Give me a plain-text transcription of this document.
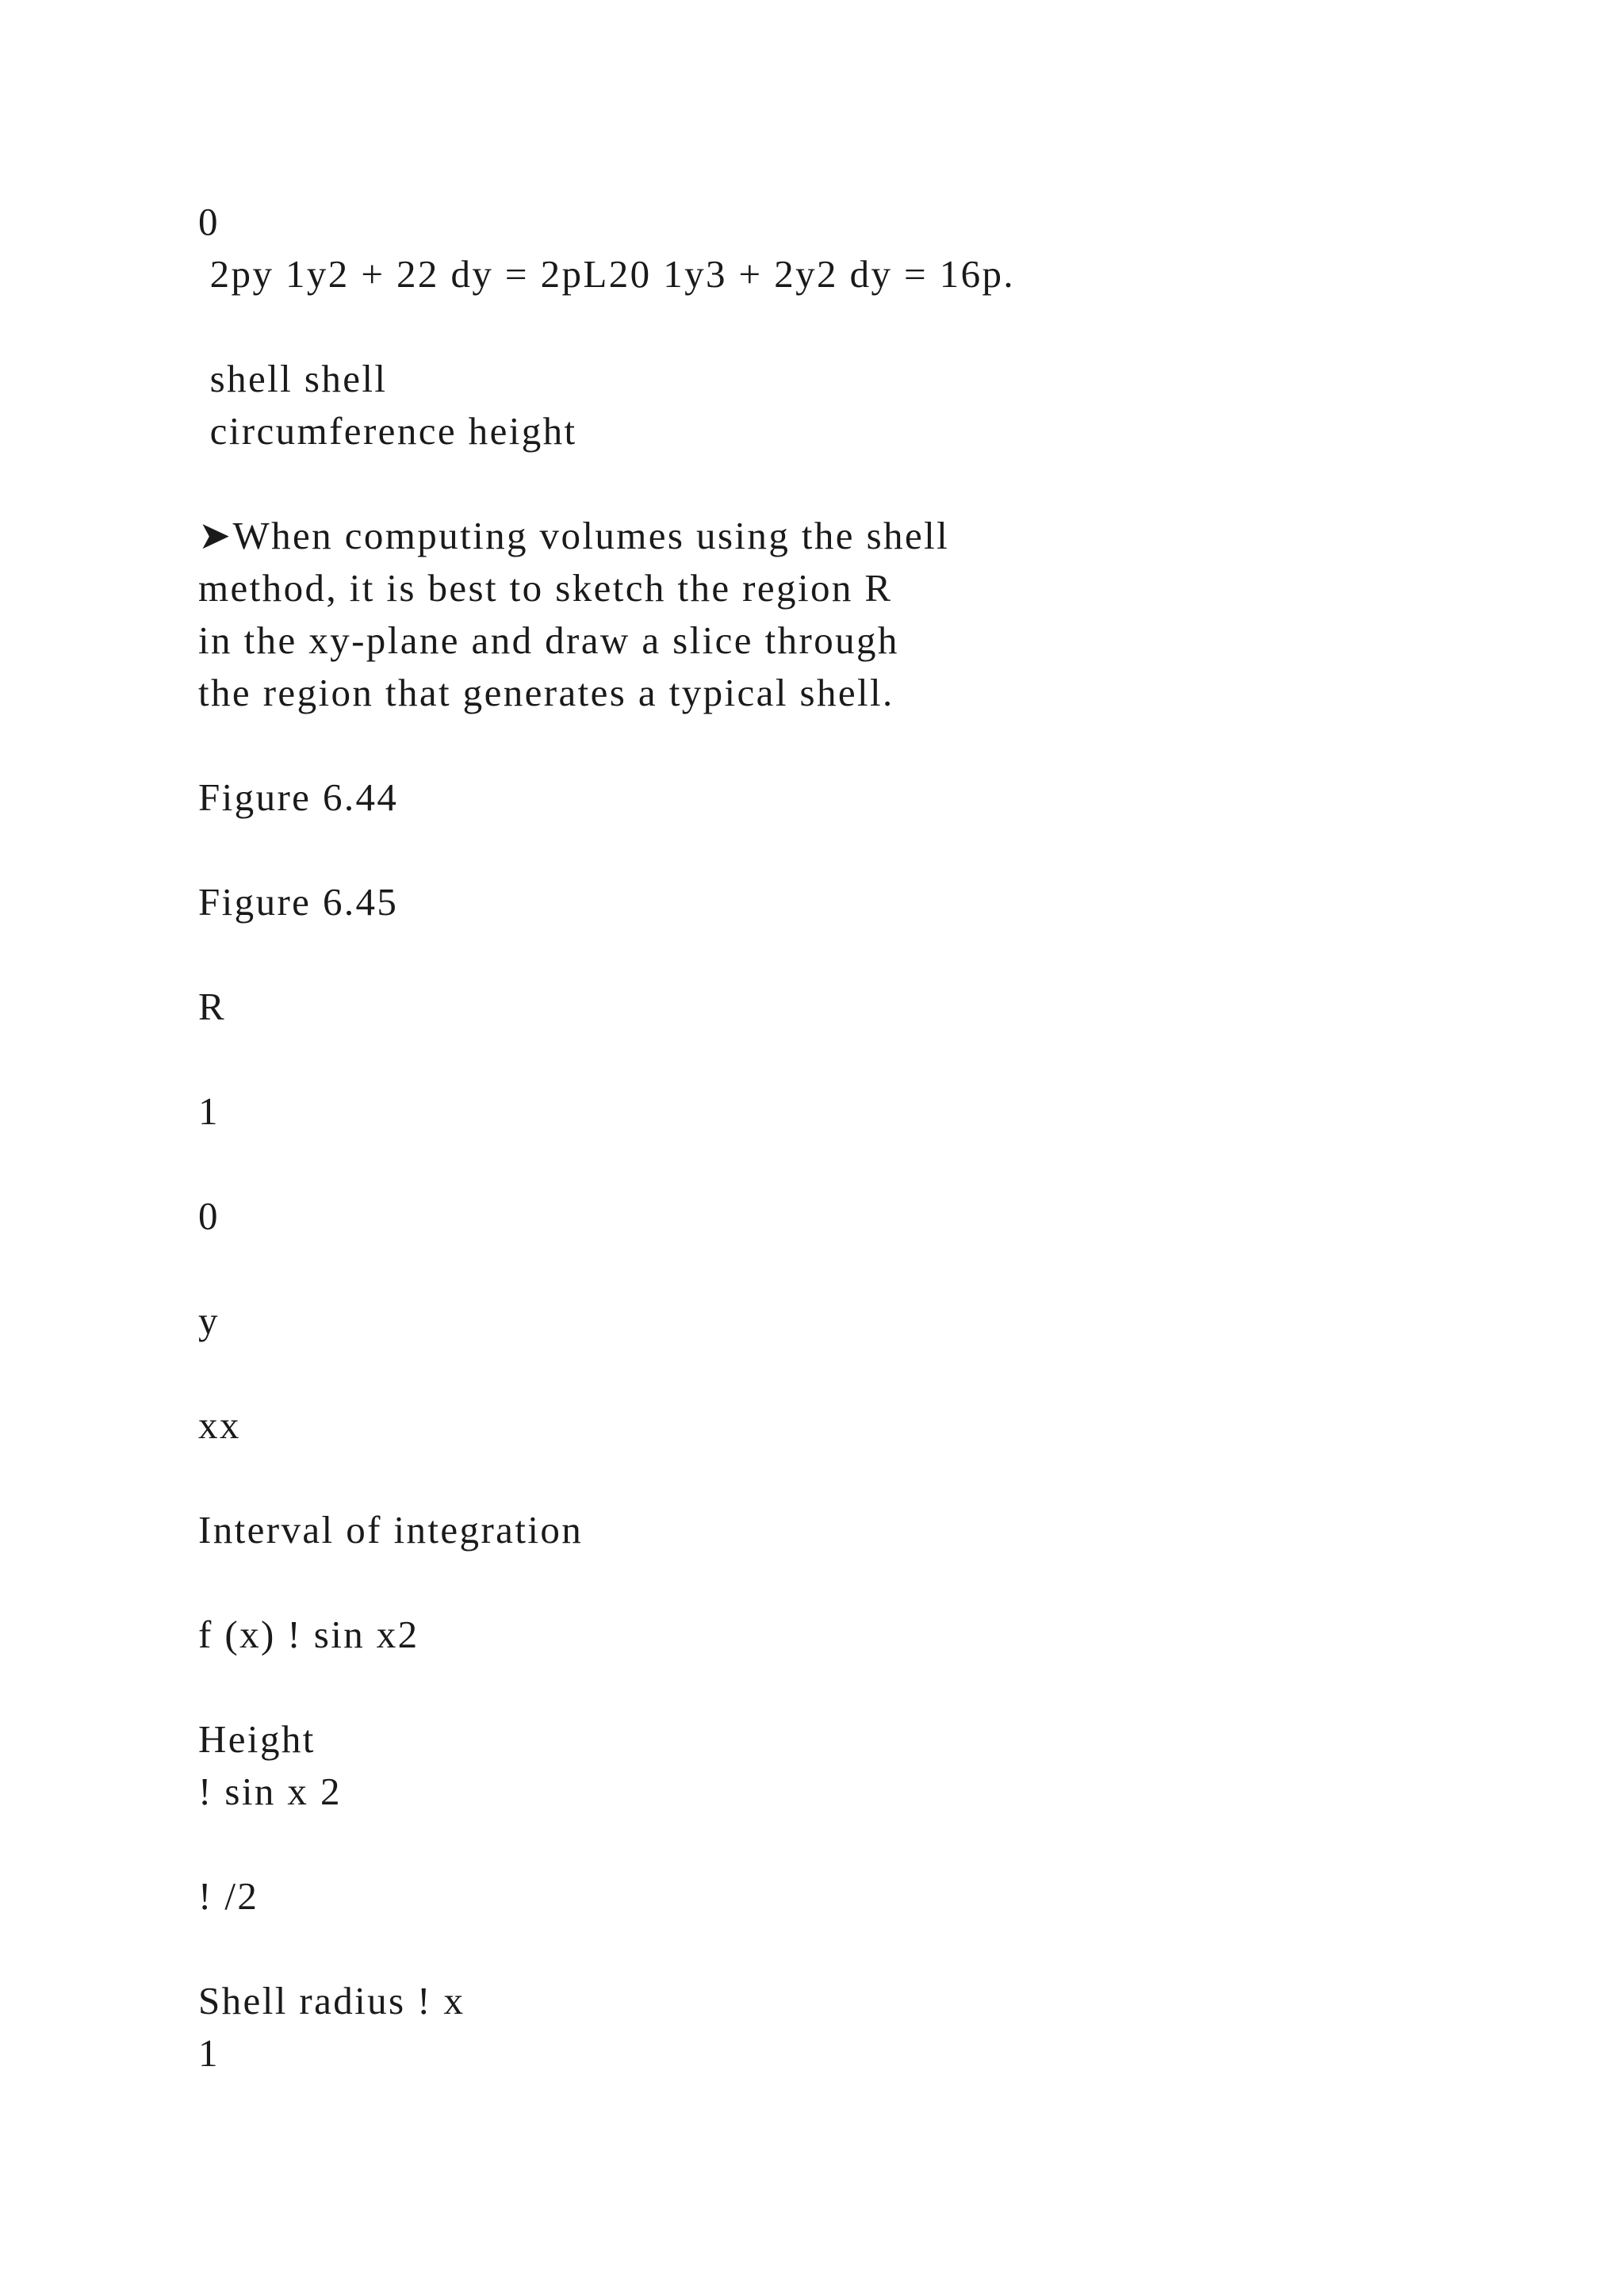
0

2py 1y2 + 22 dy = 2pL20 1y3 + 2y2 dy = 16p.

shell shell

circumference height

➤When computing volumes using the shell

method, it is best to sketch the region R

in the xy-plane and draw a slice through

the region that generates a typical shell.

Figure 6.44

Figure 6.45

R

1

0

y

xx

Interval of integration

f (x) ! sin x2

Height

! sin x 2

! /2

Shell radius ! x

1
